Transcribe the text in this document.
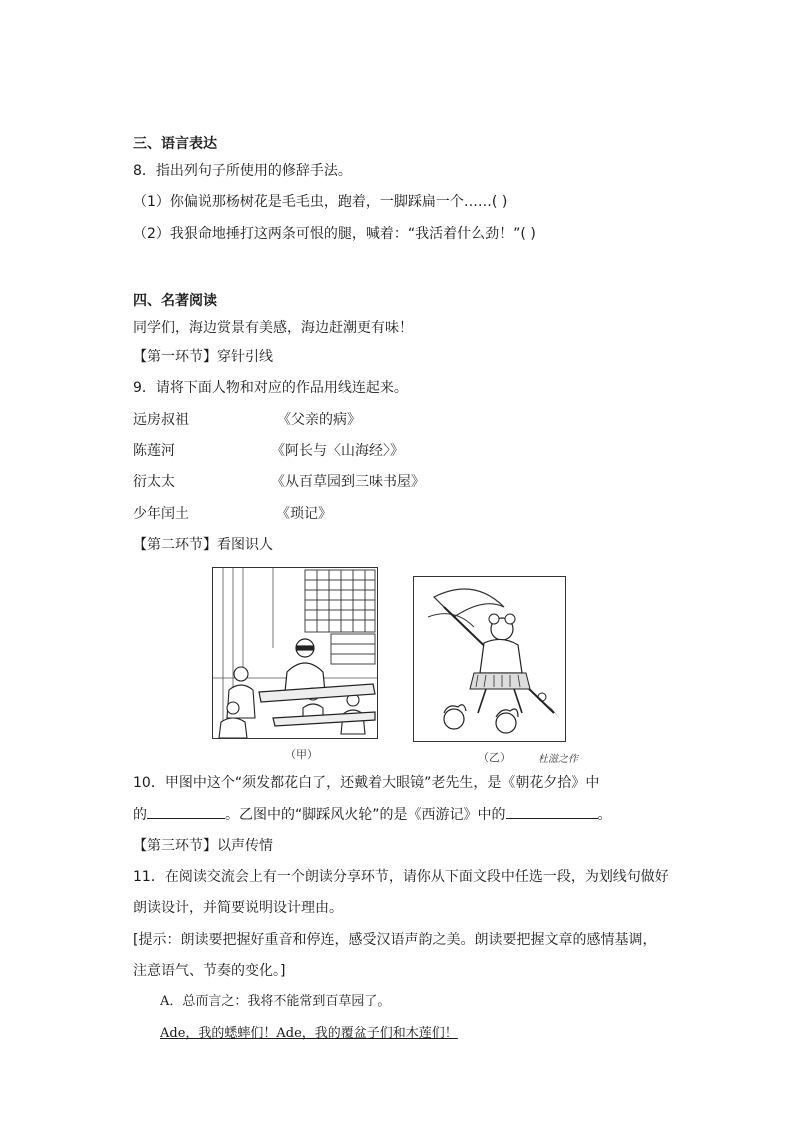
三、语言表达
8．指出列句子所使用的修辞手法。
（1）你偏说那杨树花是毛毛虫，跑着，一脚踩扁一个……( )
（2）我狠命地捶打这两条可恨的腿，喊着：“我活着什么劲！”( )
四、名著阅读
同学们，海边赏景有美感，海边赶潮更有味！
【第一环节】穿针引线
9．请将下面人物和对应的作品用线连起来。
远房叔祖	《父亲的病》
陈莲河	《阿长与〈山海经〉》
衍太太	《从百草园到三味书屋》
少年闰土	《琐记》
【第二环节】看图识人
（甲）	（乙）	杜滋之作
10．甲图中这个“须发都花白了，还戴着大眼镜”老先生，是《朝花夕拾》中
的	。乙图中的“脚踩风火轮”的是《西游记》中的	。
【第三环节】以声传情
11．在阅读交流会上有一个朗读分享环节，请你从下面文段中任选一段，为划线句做好
朗读设计，并简要说明设计理由。
[提示：朗读要把握好重音和停连，感受汉语声韵之美。朗读要把握文章的感情基调，
注意语气、节奏的变化。]
A．总而言之：我将不能常到百草园了。
Ade，我的蟋蟀们！Ade，我的覆盆子们和木莲们！
